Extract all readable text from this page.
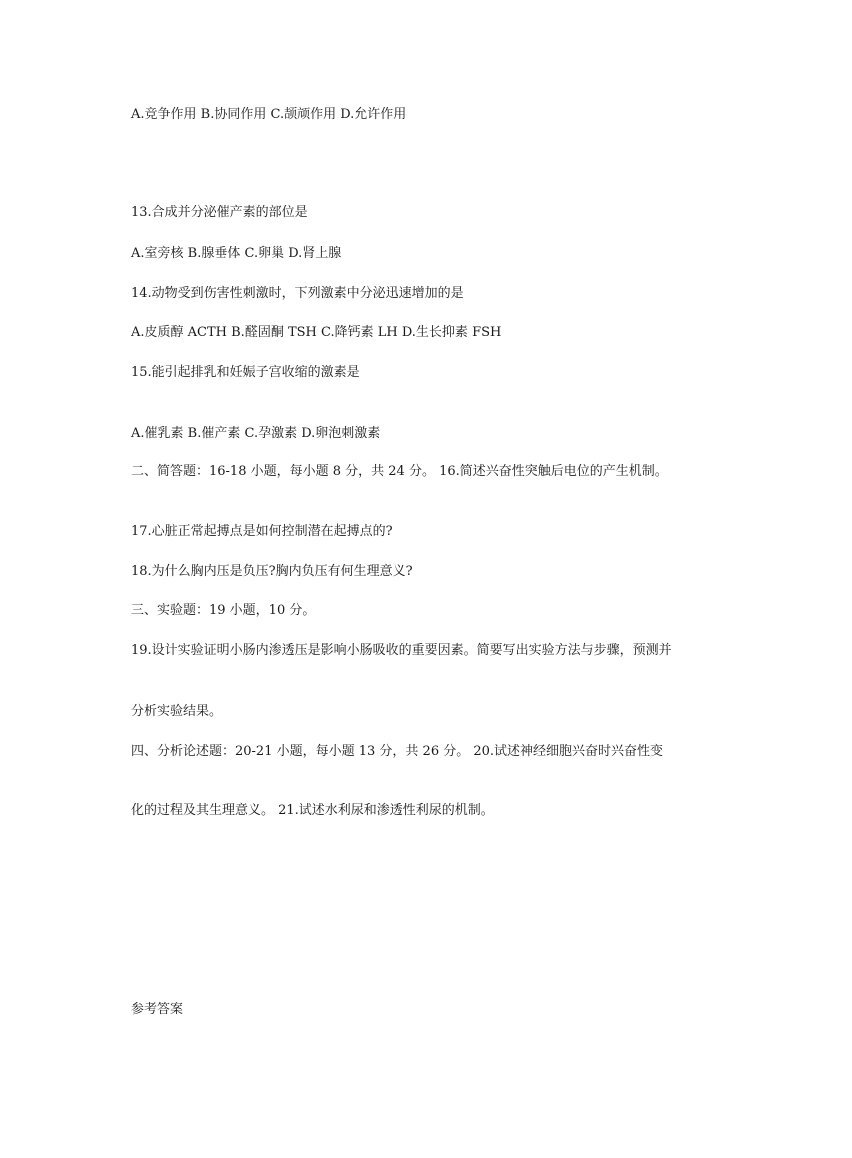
A.竞争作用 B.协同作用 C.颉颃作用 D.允许作用
13.合成并分泌催产素的部位是
A.室旁核 B.腺垂体 C.卵巢 D.肾上腺
14.动物受到伤害性刺激时，下列激素中分泌迅速增加的是
A.皮质醇 ACTH B.醛固酮 TSH C.降钙素 LH D.生长抑素 FSH
15.能引起排乳和妊娠子宫收缩的激素是
A.催乳素 B.催产素 C.孕激素 D.卵泡刺激素
二、简答题：16-18 小题，每小题 8 分，共 24 分。 16.简述兴奋性突触后电位的产生机制。
17.心脏正常起搏点是如何控制潜在起搏点的?
18.为什么胸内压是负压?胸内负压有何生理意义?
三、实验题：19 小题，10 分。
19.设计实验证明小肠内渗透压是影响小肠吸收的重要因素。简要写出实验方法与步骤，预测并
分析实验结果。
四、分析论述题：20-21 小题，每小题 13 分，共 26 分。 20.试述神经细胞兴奋时兴奋性变
化的过程及其生理意义。 21.试述水利尿和渗透性利尿的机制。
参考答案
